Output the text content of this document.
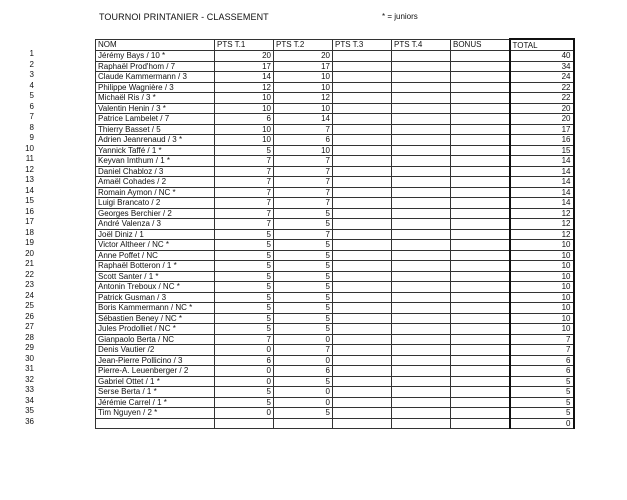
TOURNOI PRINTANIER - CLASSEMENT	* = juniors
1
2
3
4
5
6
7
8
9
10
11
12
13
14
15
16
17
18
19
20
21
22
23
24
25
26
27
28
29
30
31
32
33
34
35
36
NOM	PTS T.1	PTS T.2	PTS T.3	PTS T.4	BONUS	TOTAL
Jérémy Bays / 10 *	20	20				40
Raphaël Prod'hom / 7	17	17				34
Claude Kammermann / 3	14	10				24
Philippe Wagnière / 3	12	10				22
Michaël Ris / 3 *	10	12				22
Valentin Henin / 3 *	10	10				20
Patrice Lambelet / 7	6	14				20
Thierry Basset / 5	10	7				17
Adrien Jeanrenaud / 3 *	10	6				16
Yannick Taffé / 1 *	5	10				15
Keyvan Imthum / 1 *	7	7				14
Daniel Chabloz / 3	7	7				14
Amaël Cohades / 2	7	7				14
Romain Aymon / NC *	7	7				14
Luigi Brancato / 2	7	7				14
Georges Berchier / 2	7	5				12
André Valenza / 3	7	5				12
Joël Diniz / 1	5	7				12
Victor Altheer / NC *	5	5				10
Anne Poffet / NC	5	5				10
Raphaël Botteron / 1 *	5	5				10
Scott Santer / 1 *	5	5				10
Antonin Treboux / NC *	5	5				10
Patrick Gusman / 3	5	5				10
Boris Kammermann / NC *	5	5				10
Sébastien Beney / NC *	5	5				10
Jules Prodolliet / NC *	5	5				10
Gianpaolo Berta / NC	7	0				7
Denis Vautier /2	0	7				7
Jean-Pierre Pollicino / 3	6	0				6
Pierre-A. Leuenberger / 2	0	6				6
Gabriel Ottet / 1 *	0	5				5
Serse Berta / 1 *	5	0				5
Jérémie Carrel / 1 *	5	0				5
Tim Nguyen / 2 *	0	5				5
						0
